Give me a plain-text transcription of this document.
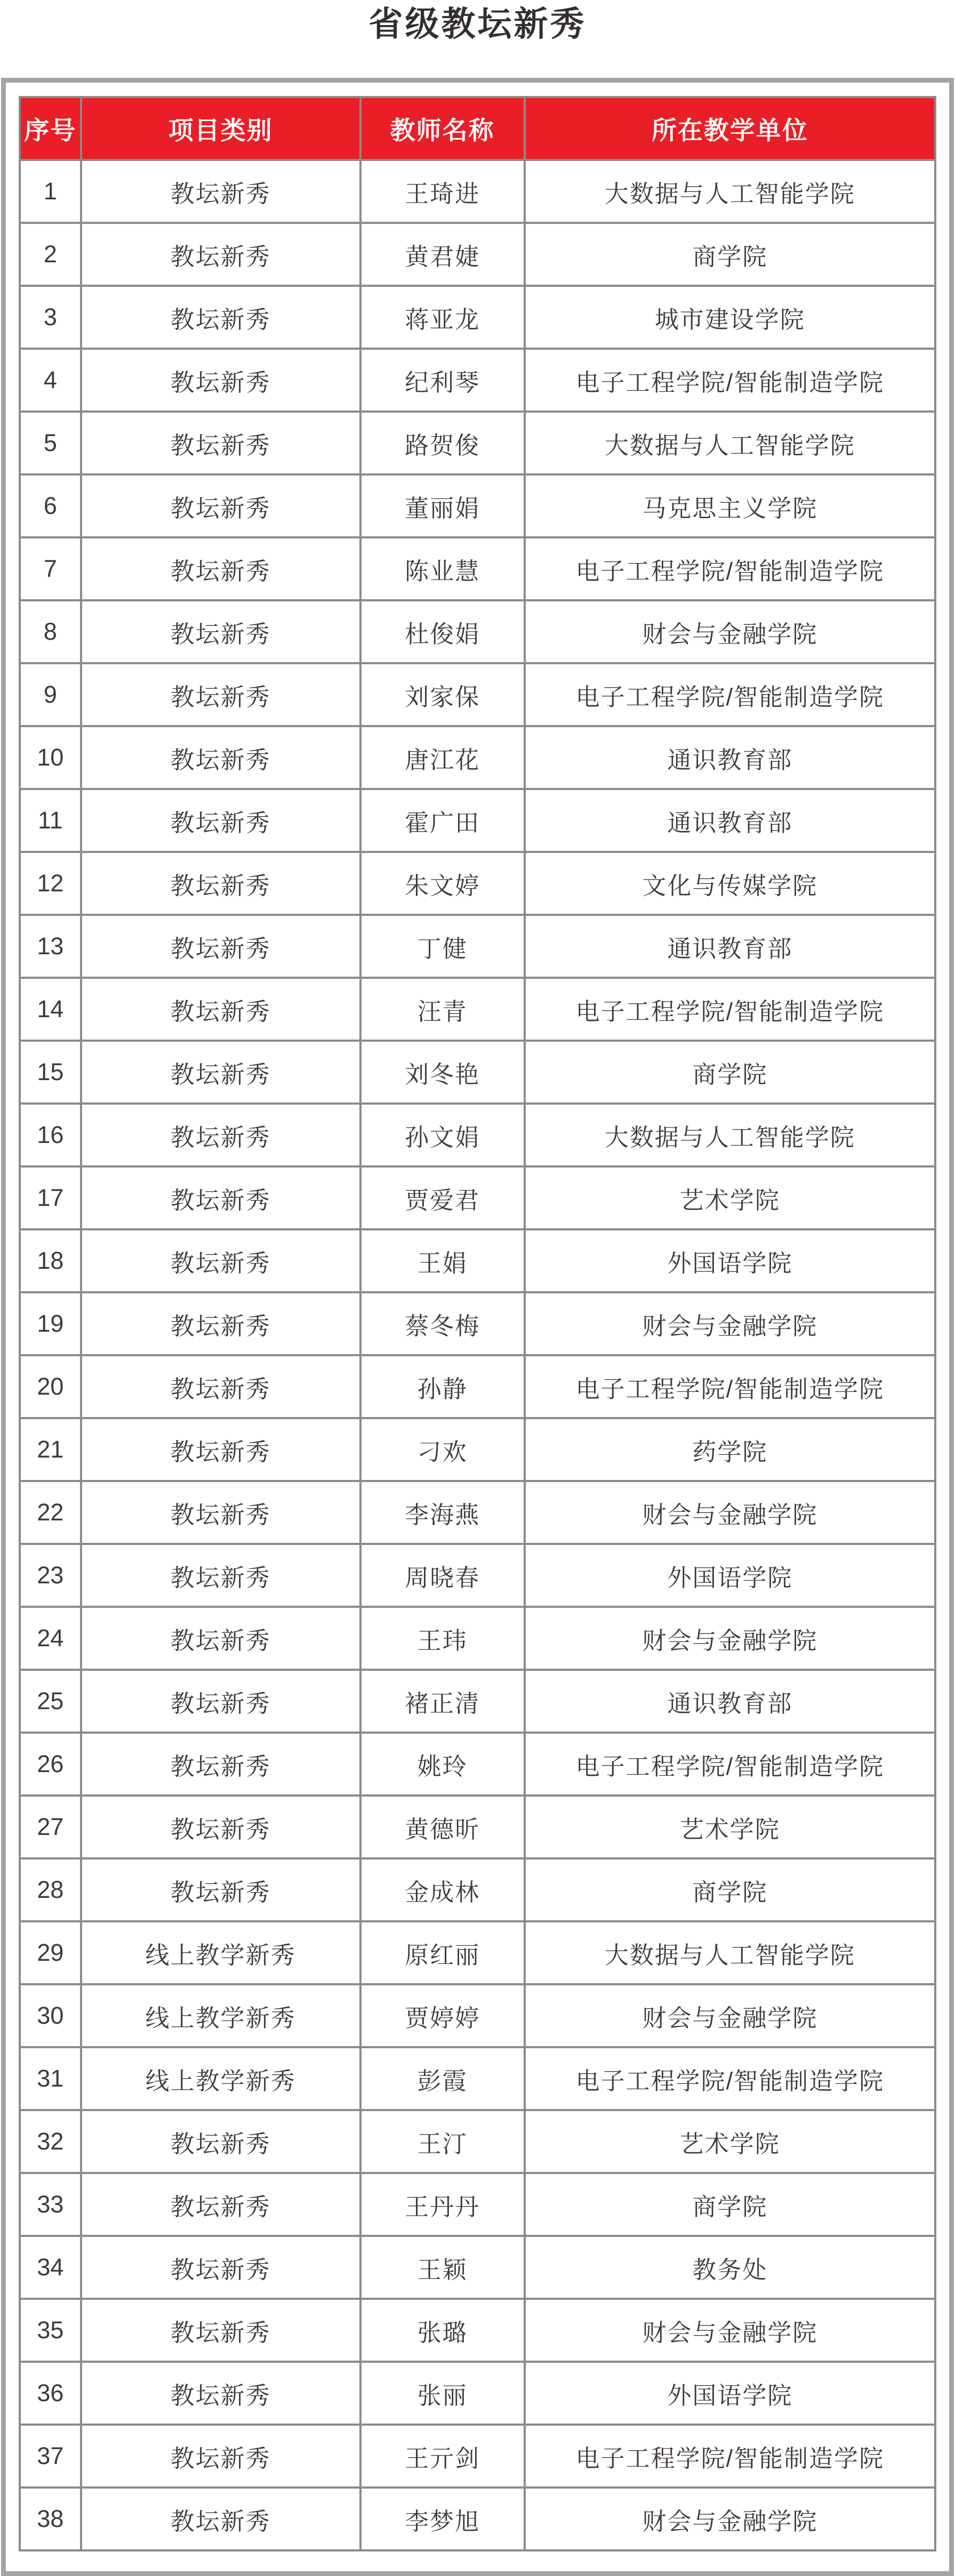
省级教坛新秀
序号	项目类别	教师名称	所在教学单位
1	教坛新秀	王琦进	大数据与人工智能学院
2	教坛新秀	黄君婕	商学院
3	教坛新秀	蒋亚龙	城市建设学院
4	教坛新秀	纪利琴	电子工程学院/智能制造学院
5	教坛新秀	路贺俊	大数据与人工智能学院
6	教坛新秀	董丽娟	马克思主义学院
7	教坛新秀	陈业慧	电子工程学院/智能制造学院
8	教坛新秀	杜俊娟	财会与金融学院
9	教坛新秀	刘家保	电子工程学院/智能制造学院
10	教坛新秀	唐江花	通识教育部
11	教坛新秀	霍广田	通识教育部
12	教坛新秀	朱文婷	文化与传媒学院
13	教坛新秀	丁健	通识教育部
14	教坛新秀	汪青	电子工程学院/智能制造学院
15	教坛新秀	刘冬艳	商学院
16	教坛新秀	孙文娟	大数据与人工智能学院
17	教坛新秀	贾爱君	艺术学院
18	教坛新秀	王娟	外国语学院
19	教坛新秀	蔡冬梅	财会与金融学院
20	教坛新秀	孙静	电子工程学院/智能制造学院
21	教坛新秀	刁欢	药学院
22	教坛新秀	李海燕	财会与金融学院
23	教坛新秀	周晓春	外国语学院
24	教坛新秀	王玮	财会与金融学院
25	教坛新秀	褚正清	通识教育部
26	教坛新秀	姚玲	电子工程学院/智能制造学院
27	教坛新秀	黄德昕	艺术学院
28	教坛新秀	金成林	商学院
29	线上教学新秀	原红丽	大数据与人工智能学院
30	线上教学新秀	贾婷婷	财会与金融学院
31	线上教学新秀	彭霞	电子工程学院/智能制造学院
32	教坛新秀	王汀	艺术学院
33	教坛新秀	王丹丹	商学院
34	教坛新秀	王颖	教务处
35	教坛新秀	张璐	财会与金融学院
36	教坛新秀	张丽	外国语学院
37	教坛新秀	王亓剑	电子工程学院/智能制造学院
38	教坛新秀	李梦旭	财会与金融学院
